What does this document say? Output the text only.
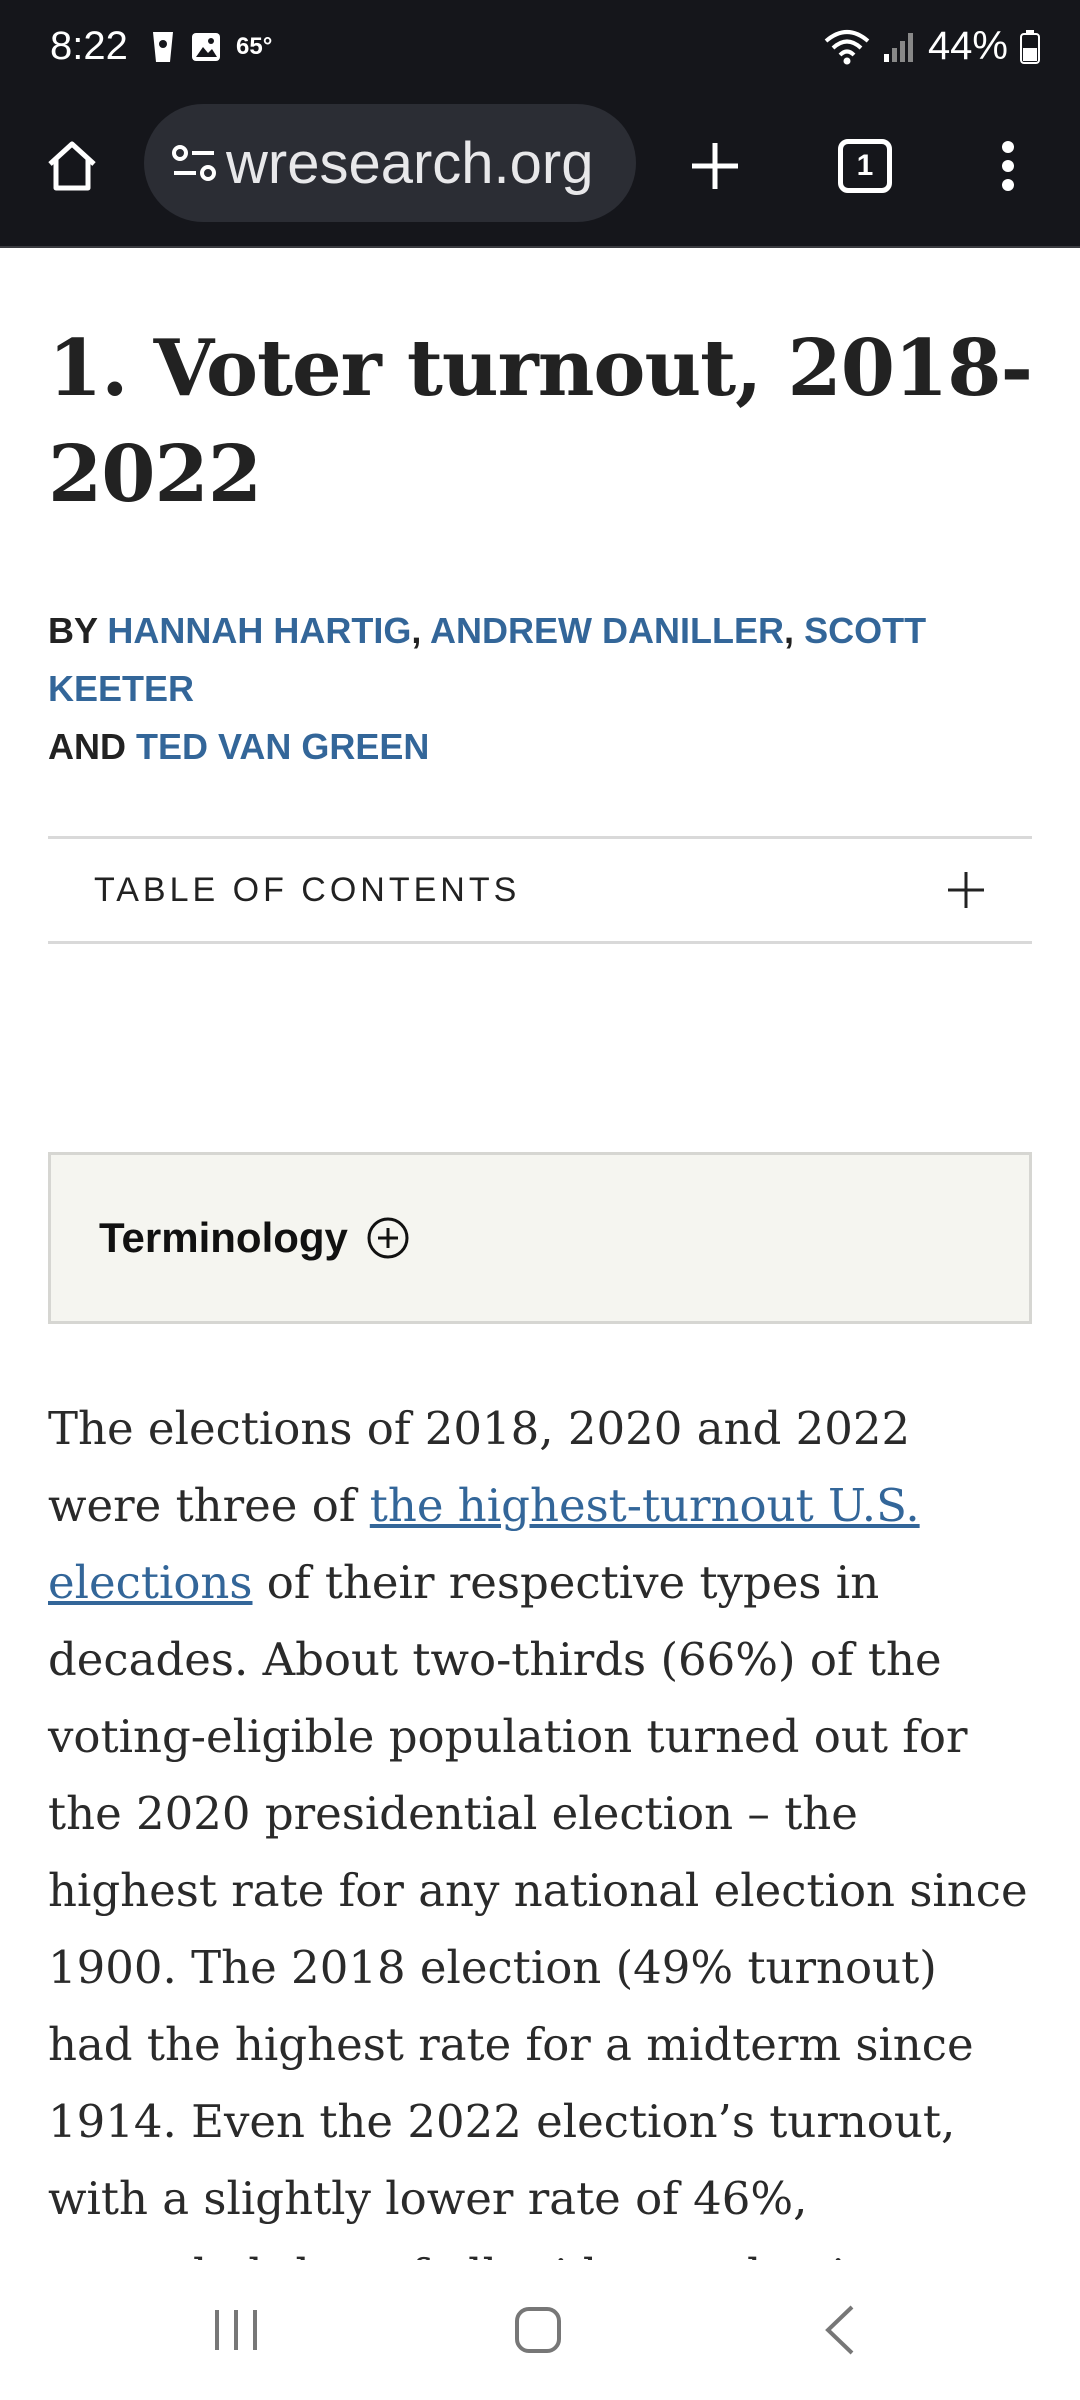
8:22	65°	44%
wresearch.org	1
1. Voter turnout, 2018-2022
BY HANNAH HARTIG, ANDREW DANILLER, SCOTT KEETER
AND TED VAN GREEN
TABLE OF CONTENTS
Terminology

The elections of 2018, 2020 and 2022 were three of the highest-turnout U.S. elections of their respective types in decades. About two-thirds (66%) of the voting-eligible population turned out for the 2020 presidential election – the highest rate for any national election since 1900. The 2018 election (49% turnout) had the highest rate for a midterm since 1914. Even the 2022 election’s turnout, with a slightly lower rate of 46%,
